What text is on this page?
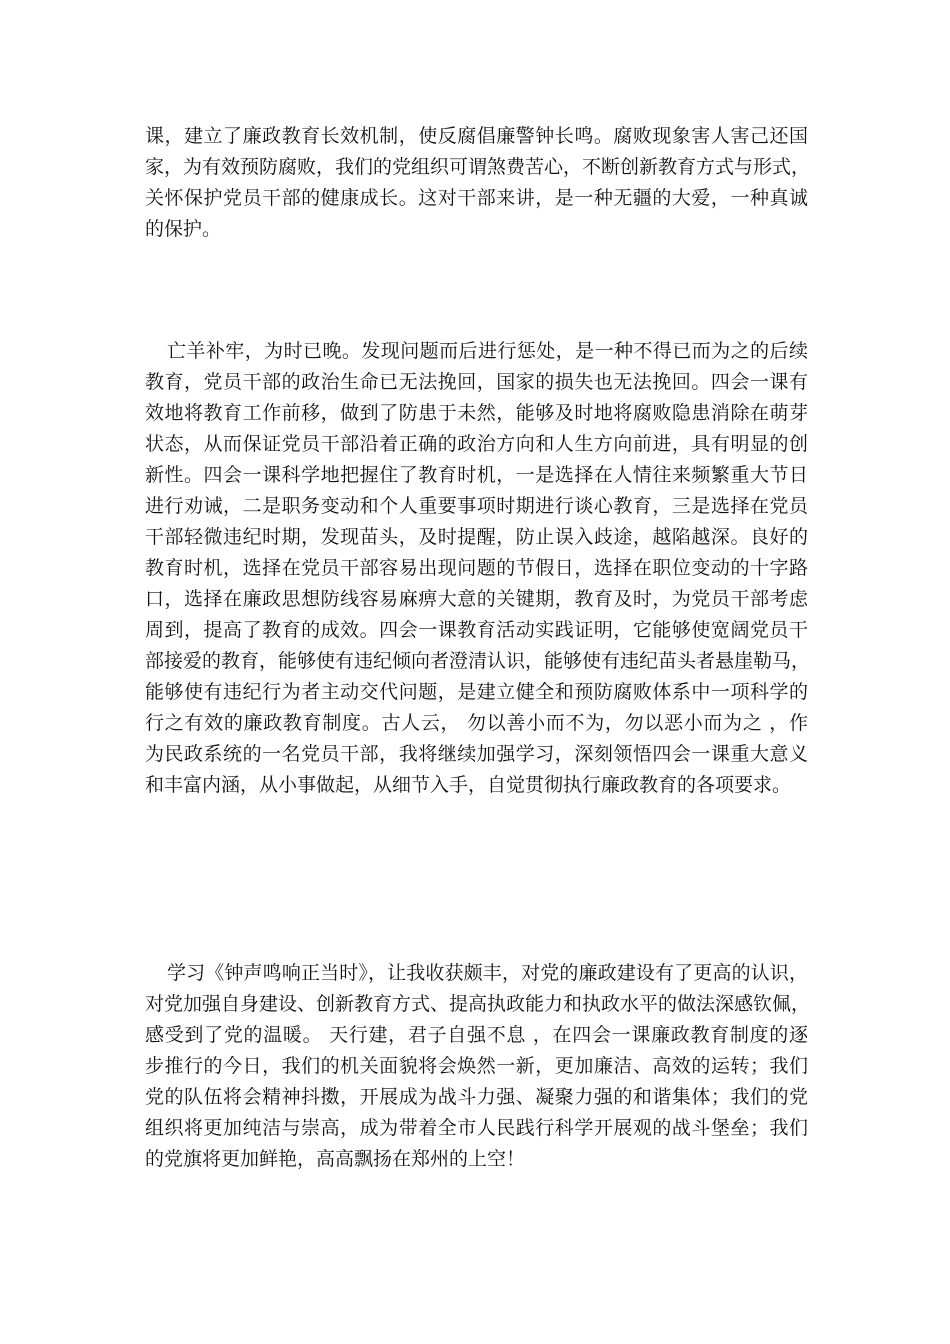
课，建立了廉政教育长效机制，使反腐倡廉警钟长鸣。腐败现象害人害己还国
家，为有效预防腐败，我们的党组织可谓煞费苦心，不断创新教育方式与形式，
关怀保护党员干部的健康成长。这对干部来讲，是一种无疆的大爱，一种真诚
的保护。
亡羊补牢，为时已晚。发现问题而后进行惩处，是一种不得已而为之的后续
教育，党员干部的政治生命已无法挽回，国家的损失也无法挽回。四会一课有
效地将教育工作前移，做到了防患于未然，能够及时地将腐败隐患消除在萌芽
状态，从而保证党员干部沿着正确的政治方向和人生方向前进，具有明显的创
新性。四会一课科学地把握住了教育时机，一是选择在人情往来频繁重大节日
进行劝诫，二是职务变动和个人重要事项时期进行谈心教育，三是选择在党员
干部轻微违纪时期，发现苗头，及时提醒，防止误入歧途，越陷越深。良好的
教育时机，选择在党员干部容易出现问题的节假日，选择在职位变动的十字路
口，选择在廉政思想防线容易麻痹大意的关键期，教育及时，为党员干部考虑
周到，提高了教育的成效。四会一课教育活动实践证明，它能够使宽阔党员干
部接爱的教育，能够使有违纪倾向者澄清认识，能够使有违纪苗头者悬崖勒马，
能够使有违纪行为者主动交代问题，是建立健全和预防腐败体系中一项科学的
行之有效的廉政教育制度。古人云， 勿以善小而不为，勿以恶小而为之 ，作
为民政系统的一名党员干部，我将继续加强学习，深刻领悟四会一课重大意义
和丰富内涵，从小事做起，从细节入手，自觉贯彻执行廉政教育的各项要求。
学习《钟声鸣响正当时》，让我收获颇丰，对党的廉政建设有了更高的认识，
对党加强自身建设、创新教育方式、提高执政能力和执政水平的做法深感钦佩，
感受到了党的温暖。 天行建，君子自强不息 ，在四会一课廉政教育制度的逐
步推行的今日，我们的机关面貌将会焕然一新，更加廉洁、高效的运转；我们
党的队伍将会精神抖擞，开展成为战斗力强、凝聚力强的和谐集体；我们的党
组织将更加纯洁与崇高，成为带着全市人民践行科学开展观的战斗堡垒；我们
的党旗将更加鲜艳，高高飘扬在郑州的上空！
